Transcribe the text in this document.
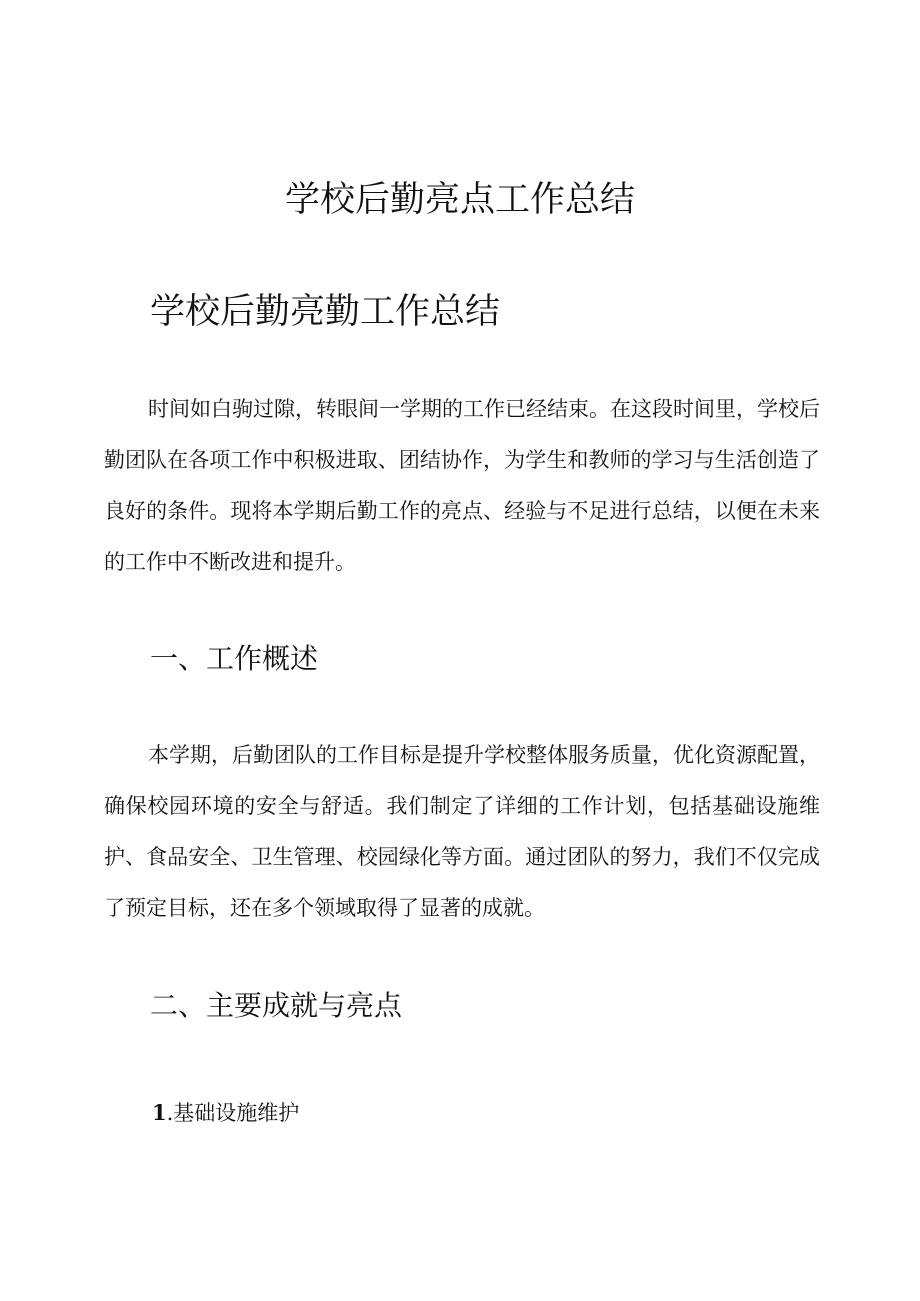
学校后勤亮点工作总结
学校后勤亮勤工作总结

时间如白驹过隙，转眼间一学期的工作已经结束。在这段时间里，学校后勤团队在各项工作中积极进取、团结协作，为学生和教师的学习与生活创造了良好的条件。现将本学期后勤工作的亮点、经验与不足进行总结，以便在未来的工作中不断改进和提升。

一、工作概述

本学期，后勤团队的工作目标是提升学校整体服务质量，优化资源配置，确保校园环境的安全与舒适。我们制定了详细的工作计划，包括基础设施维护、食品安全、卫生管理、校园绿化等方面。通过团队的努力，我们不仅完成了预定目标，还在多个领域取得了显著的成就。

二、主要成就与亮点

1.基础设施维护
